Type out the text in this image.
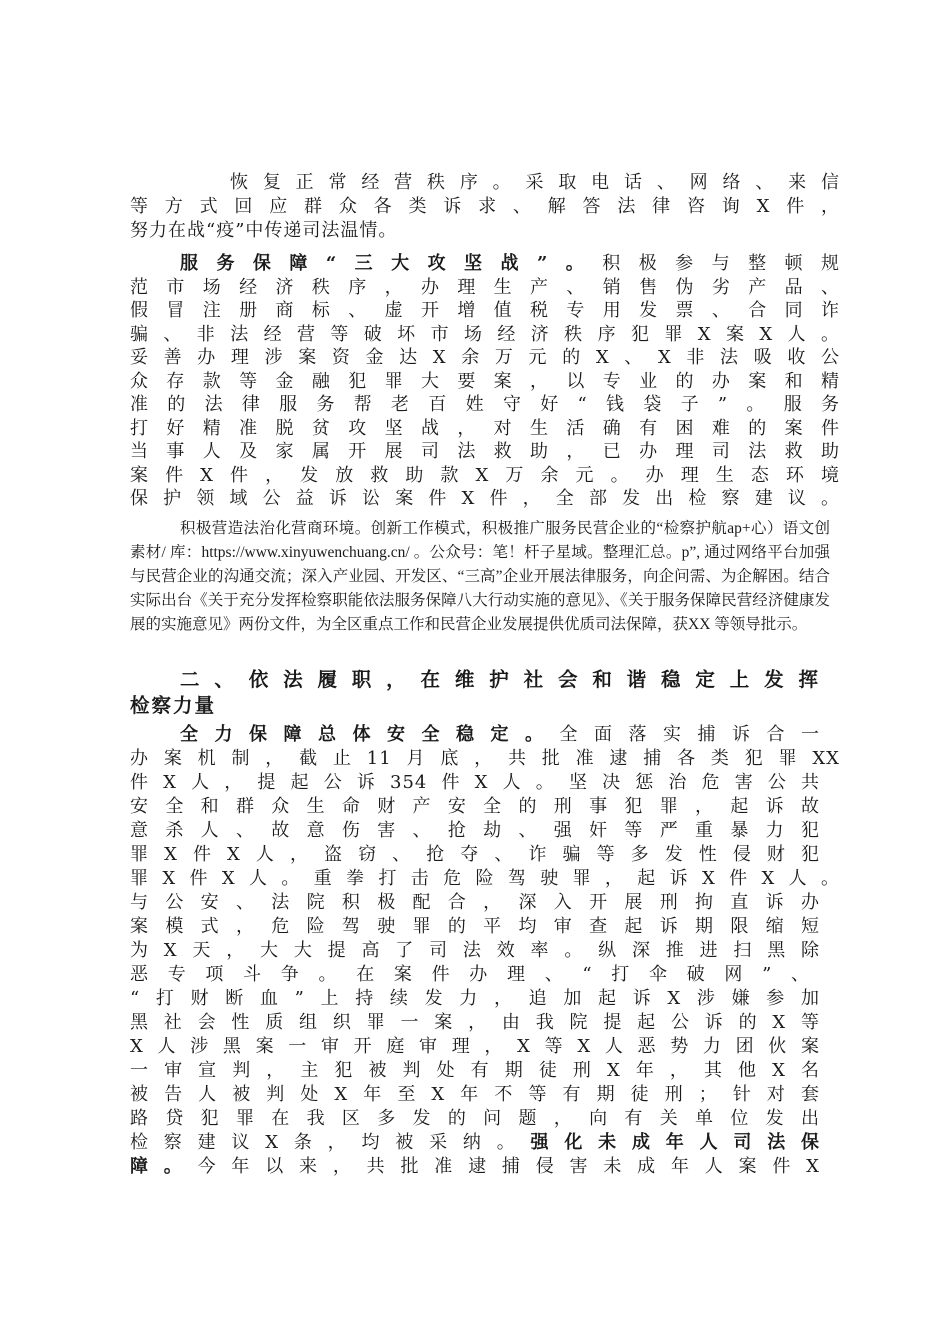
恢复正常经营秩序。采取电话、网络、来信
等方式回应群众各类诉求、解答法律咨询X件，
努力在战“疫”中传递司法温情。
服务保障“三大攻坚战”。积极参与整顿规
范市场经济秩序，办理生产、销售伪劣产品、
假冒注册商标、虚开增值税专用发票、合同诈
骗、非法经营等破坏市场经济秩序犯罪X案X人。
妥善办理涉案资金达X余万元的X、X非法吸收公
众存款等金融犯罪大要案，以专业的办案和精
准的法律服务帮老百姓守好“钱袋子”。服务
打好精准脱贫攻坚战，对生活确有困难的案件
当事人及家属开展司法救助，已办理司法救助
案件X件，发放救助款X万余元。办理生态环境
保护领域公益诉讼案件X件，全部发出检察建议。
积极营造法治化营商环境。创新工作模式，积极推广服务民营企业的“检察护航ap+心）语文创素材/ 库：https://www.xinyuwenchuang.cn/ 。公众号：笔！杆子星域。整理汇总。p”, 通过网络平台加强与民营企业的沟通交流；深入产业园、开发区、“三高”企业开展法律服务，向企问需、为企解困。结合实际出台《关于充分发挥检察职能依法服务保障八大行动实施的意见》、《关于服务保障民营经济健康发展的实施意见》两份文件，为全区重点工作和民营企业发展提供优质司法保障，获XX 等领导批示。
二、依法履职，在维护社会和谐稳定上发挥
检察力量
全力保障总体安全稳定。全面落实捕诉合一
办案机制，截止11月底，共批准逮捕各类犯罪XX
件X人，提起公诉354件X人。坚决惩治危害公共
安全和群众生命财产安全的刑事犯罪，起诉故
意杀人、故意伤害、抢劫、强奸等严重暴力犯
罪X件X人，盗窃、抢夺、诈骗等多发性侵财犯
罪X件X人。重拳打击危险驾驶罪，起诉X件X人。
与公安、法院积极配合，深入开展刑拘直诉办
案模式，危险驾驶罪的平均审查起诉期限缩短
为X天，大大提高了司法效率。纵深推进扫黑除
恶专项斗争。在案件办理、“打伞破网”、
“打财断血”上持续发力，追加起诉X涉嫌参加
黑社会性质组织罪一案，由我院提起公诉的X等
X人涉黑案一审开庭审理，X等X人恶势力团伙案
一审宣判，主犯被判处有期徒刑X年，其他X名
被告人被判处X年至X年不等有期徒刑；针对套
路贷犯罪在我区多发的问题，向有关单位发出
检察建议X条，均被采纳。强化未成年人司法保
障。今年以来，共批准逮捕侵害未成年人案件X
